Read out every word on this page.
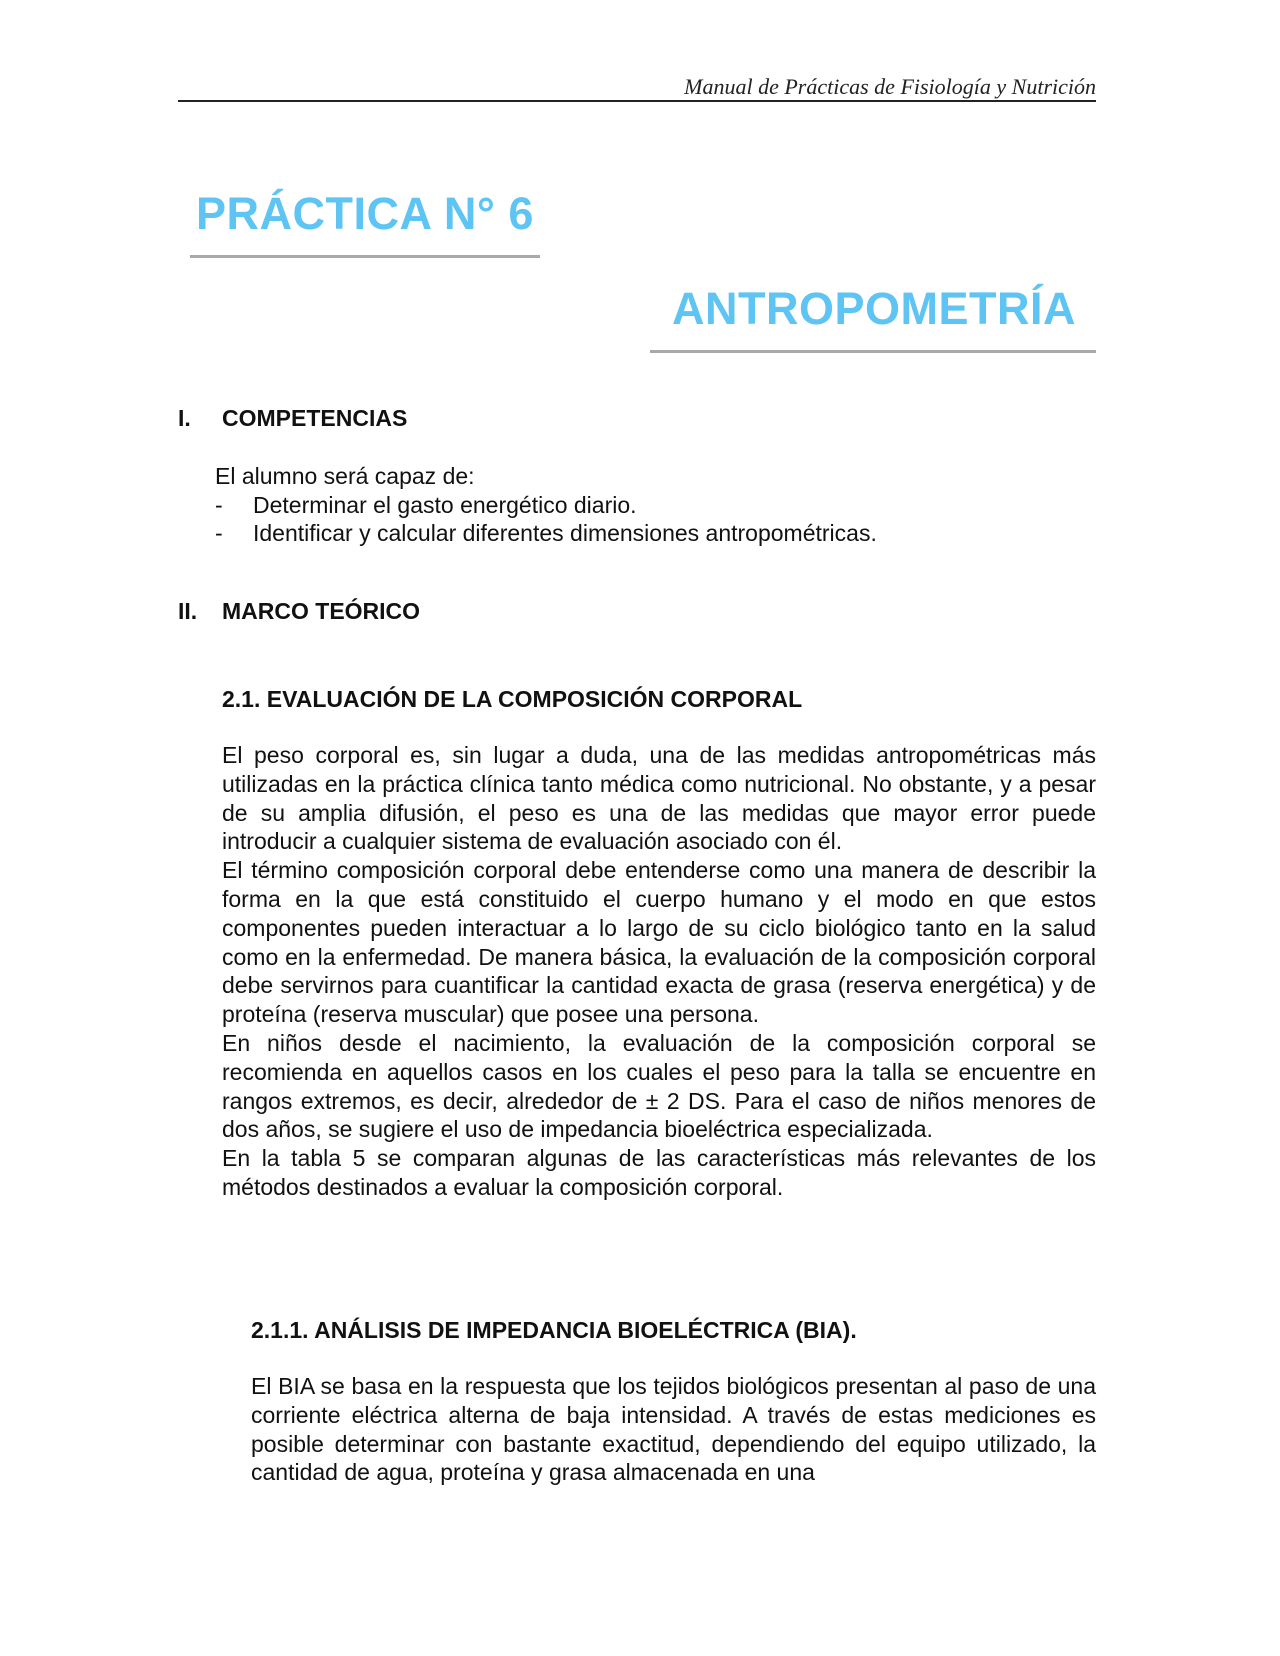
Manual de Prácticas de Fisiología y Nutrición
PRÁCTICA N° 6
ANTROPOMETRÍA
I. COMPETENCIAS
El alumno será capaz de:
- Determinar el gasto energético diario.
- Identificar y calcular diferentes dimensiones antropométricas.
II. MARCO TEÓRICO
2.1. EVALUACIÓN DE LA COMPOSICIÓN CORPORAL

El peso corporal es, sin lugar a duda, una de las medidas antropométricas más utilizadas en la práctica clínica tanto médica como nutricional. No obstante, y a pesar de su amplia difusión, el peso es una de las medidas que mayor error puede introducir a cualquier sistema de evaluación asociado con él.

El término composición corporal debe entenderse como una manera de describir la forma en la que está constituido el cuerpo humano y el modo en que estos componentes pueden interactuar a lo largo de su ciclo biológico tanto en la salud como en la enfermedad. De manera básica, la evaluación de la composición corporal debe servirnos para cuantificar la cantidad exacta de grasa (reserva energética) y de proteína (reserva muscular) que posee una persona.

En niños desde el nacimiento, la evaluación de la composición corporal se recomienda en aquellos casos en los cuales el peso para la talla se encuentre en rangos extremos, es decir, alrededor de ± 2 DS. Para el caso de niños menores de dos años, se sugiere el uso de impedancia bioeléctrica especializada.

En la tabla 5 se comparan algunas de las características más relevantes de los métodos destinados a evaluar la composición corporal.

2.1.1. ANÁLISIS DE IMPEDANCIA BIOELÉCTRICA (BIA).

El BIA se basa en la respuesta que los tejidos biológicos presentan al paso de una corriente eléctrica alterna de baja intensidad. A través de estas mediciones es posible determinar con bastante exactitud, dependiendo del equipo utilizado, la cantidad de agua, proteína y grasa almacenada en una
